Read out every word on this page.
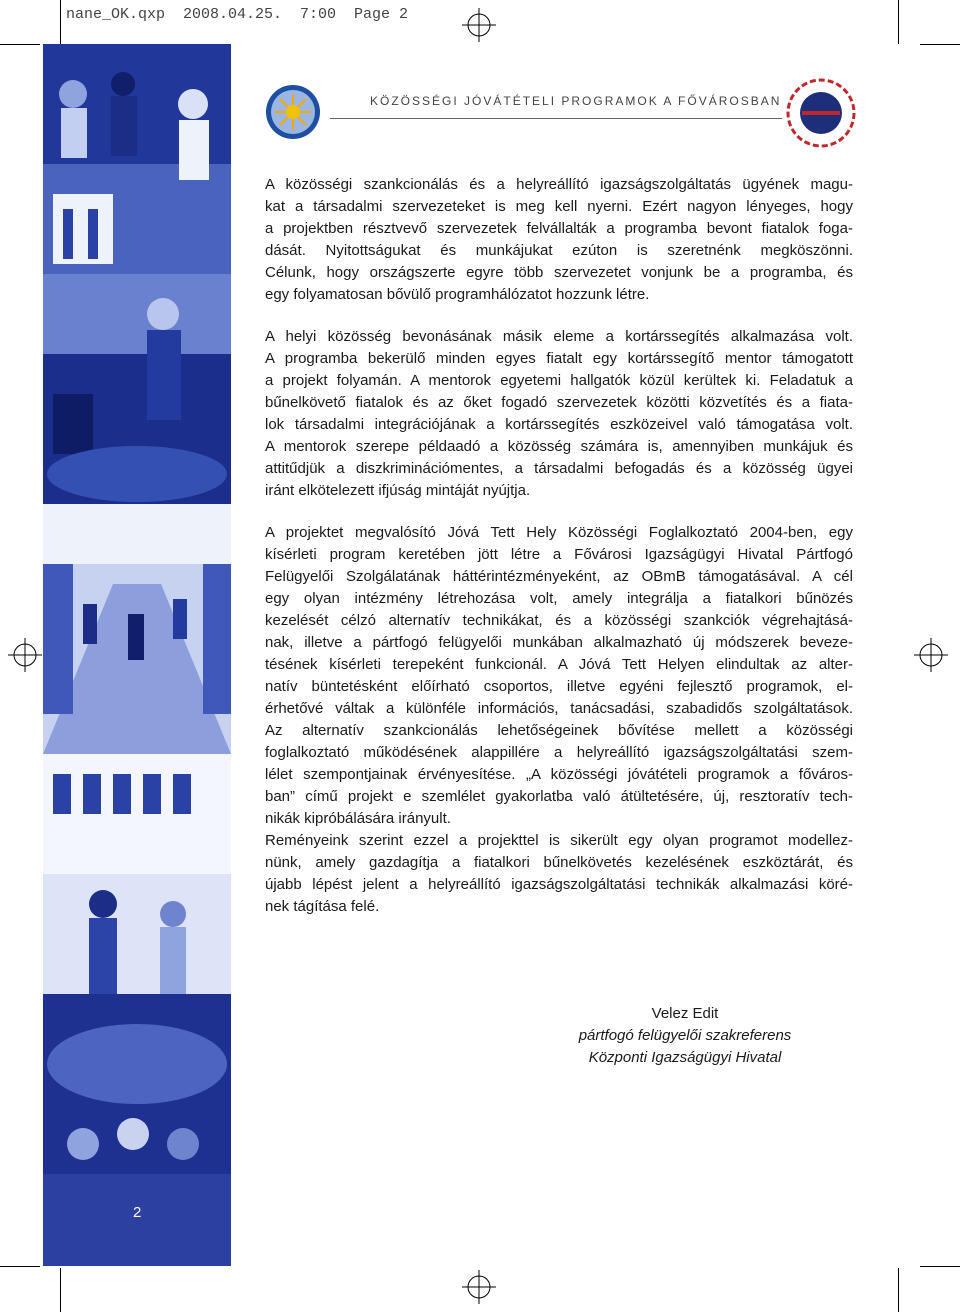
nane_OK.qxp  2008.04.25.  7:00  Page 2
2
KÖZÖSSÉGI JÓVÁTÉTELI PROGRAMOK A FŐVÁROSBAN

A közösségi szankcionálás és a helyreállító igazságszolgáltatás ügyének magu-

kat a társadalmi szervezeteket is meg kell nyerni. Ezért nagyon lényeges, hogy

a projektben résztvevő szervezetek felvállalták a programba bevont fiatalok foga-

dását. Nyitottságukat és munkájukat ezúton is szeretnénk megköszönni.

Célunk, hogy országszerte egyre több szervezetet vonjunk be a programba, és

egy folyamatosan bővülő programhálózatot hozzunk létre.

A helyi közösség bevonásának másik eleme a kortárssegítés alkalmazása volt.

A programba bekerülő minden egyes fiatalt egy kortárssegítő mentor támogatott

a projekt folyamán. A mentorok egyetemi hallgatók közül kerültek ki. Feladatuk a

bűnelkövető fiatalok és az őket fogadó szervezetek közötti közvetítés és a fiata-

lok társadalmi integrációjának a kortárssegítés eszközeivel való támogatása volt.

A mentorok szerepe példaadó a közösség számára is, amennyiben munkájuk és

attitűdjük a diszkriminációmentes, a társadalmi befogadás és a közösség ügyei

iránt elkötelezett ifjúság mintáját nyújtja.

A projektet megvalósító Jóvá Tett Hely Közösségi Foglalkoztató 2004-ben, egy

kísérleti program keretében jött létre a Fővárosi Igazságügyi Hivatal Pártfogó

Felügyelői Szolgálatának háttérintézményeként, az OBmB támogatásával. A cél

egy olyan intézmény létrehozása volt, amely integrálja a fiatalkori bűnözés

kezelését célzó alternatív technikákat, és a közösségi szankciók végrehajtásá-

nak, illetve a pártfogó felügyelői munkában alkalmazható új módszerek beveze-

tésének kísérleti terepeként funkcionál. A Jóvá Tett Helyen elindultak az alter-

natív büntetésként előírható csoportos, illetve egyéni fejlesztő programok, el-

érhetővé váltak a különféle információs, tanácsadási, szabadidős szolgáltatások.

Az alternatív szankcionálás lehetőségeinek bővítése mellett a közösségi

foglalkoztató működésének alappillére a helyreállító igazságszolgáltatási szem-

lélet szempontjainak érvényesítése. „A közösségi jóvátételi programok a főváros-

ban” című projekt e szemlélet gyakorlatba való átültetésére, új, resztoratív tech-

nikák kipróbálására irányult.

Reményeink szerint ezzel a projekttel is sikerült egy olyan programot modellez-

nünk, amely gazdagítja a fiatalkori bűnelkövetés kezelésének eszköztárát, és

újabb lépést jelent a helyreállító igazságszolgáltatási technikák alkalmazási köré-

nek tágítása felé.

Velez Edit
pártfogó felügyelői szakreferens
Központi Igazságügyi Hivatal
